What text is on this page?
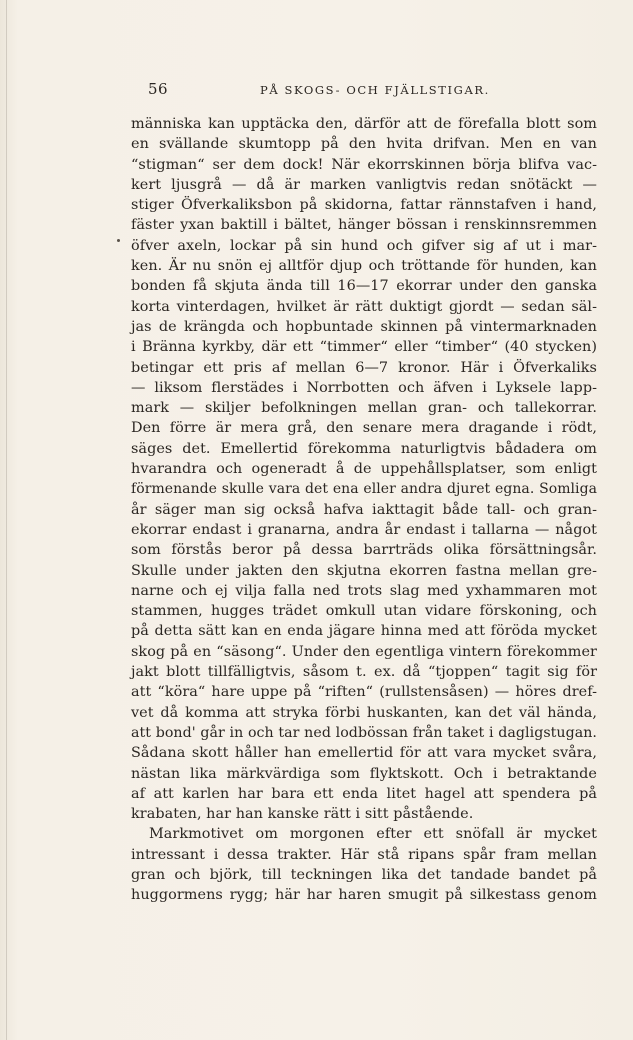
56	PÅ SKOGS- OCH FJÄLLSTIGAR.
människa kan upptäcka den, därför att de förefalla blott som
en svällande skumtopp på den hvita drifvan. Men en van
“stigman“ ser dem dock! När ekorrskinnen börja blifva vac-
kert ljusgrå — då är marken vanligtvis redan snötäckt —
stiger Öfverkaliksbon på skidorna, fattar rännstafven i hand,
fäster yxan baktill i bältet, hänger bössan i renskinnsremmen
öfver axeln, lockar på sin hund och gifver sig af ut i mar-
ken. Är nu snön ej alltför djup och tröttande för hunden, kan
bonden få skjuta ända till 16—17 ekorrar under den ganska
korta vinterdagen, hvilket är rätt duktigt gjordt — sedan säl-
jas de krängda och hopbuntade skinnen på vintermarknaden
i Bränna kyrkby, där ett “timmer“ eller “timber“ (40 stycken)
betingar ett pris af mellan 6—7 kronor. Här i Öfverkaliks
— liksom flerstädes i Norrbotten och äfven i Lyksele lapp-
mark — skiljer befolkningen mellan gran- och tallekorrar.
Den förre är mera grå, den senare mera dragande i rödt,
säges det. Emellertid förekomma naturligtvis bådadera om
hvarandra och ogeneradt å de uppehållsplatser, som enligt
förmenande skulle vara det ena eller andra djuret egna. Somliga
år säger man sig också hafva iakttagit både tall- och gran-
ekorrar endast i granarna, andra år endast i tallarna — något
som förstås beror på dessa barrträds olika försättningsår.
Skulle under jakten den skjutna ekorren fastna mellan gre-
narne och ej vilja falla ned trots slag med yxhammaren mot
stammen, hugges trädet omkull utan vidare förskoning, och
på detta sätt kan en enda jägare hinna med att föröda mycket
skog på en “säsong“. Under den egentliga vintern förekommer
jakt blott tillfälligtvis, såsom t. ex. då “tjoppen“ tagit sig för
att “köra“ hare uppe på “riften“ (rullstensåsen) — höres dref-
vet då komma att stryka förbi huskanten, kan det väl hända,
att bond' går in och tar ned lodbössan från taket i dagligstugan.
Sådana skott håller han emellertid för att vara mycket svåra,
nästan lika märkvärdiga som flyktskott. Och i betraktande
af att karlen har bara ett enda litet hagel att spendera på
krabaten, har han kanske rätt i sitt påstående.
Markmotivet om morgonen efter ett snöfall är mycket
intressant i dessa trakter. Här stå ripans spår fram mellan
gran och björk, till teckningen lika det tandade bandet på
huggormens rygg; här har haren smugit på silkestass genom
